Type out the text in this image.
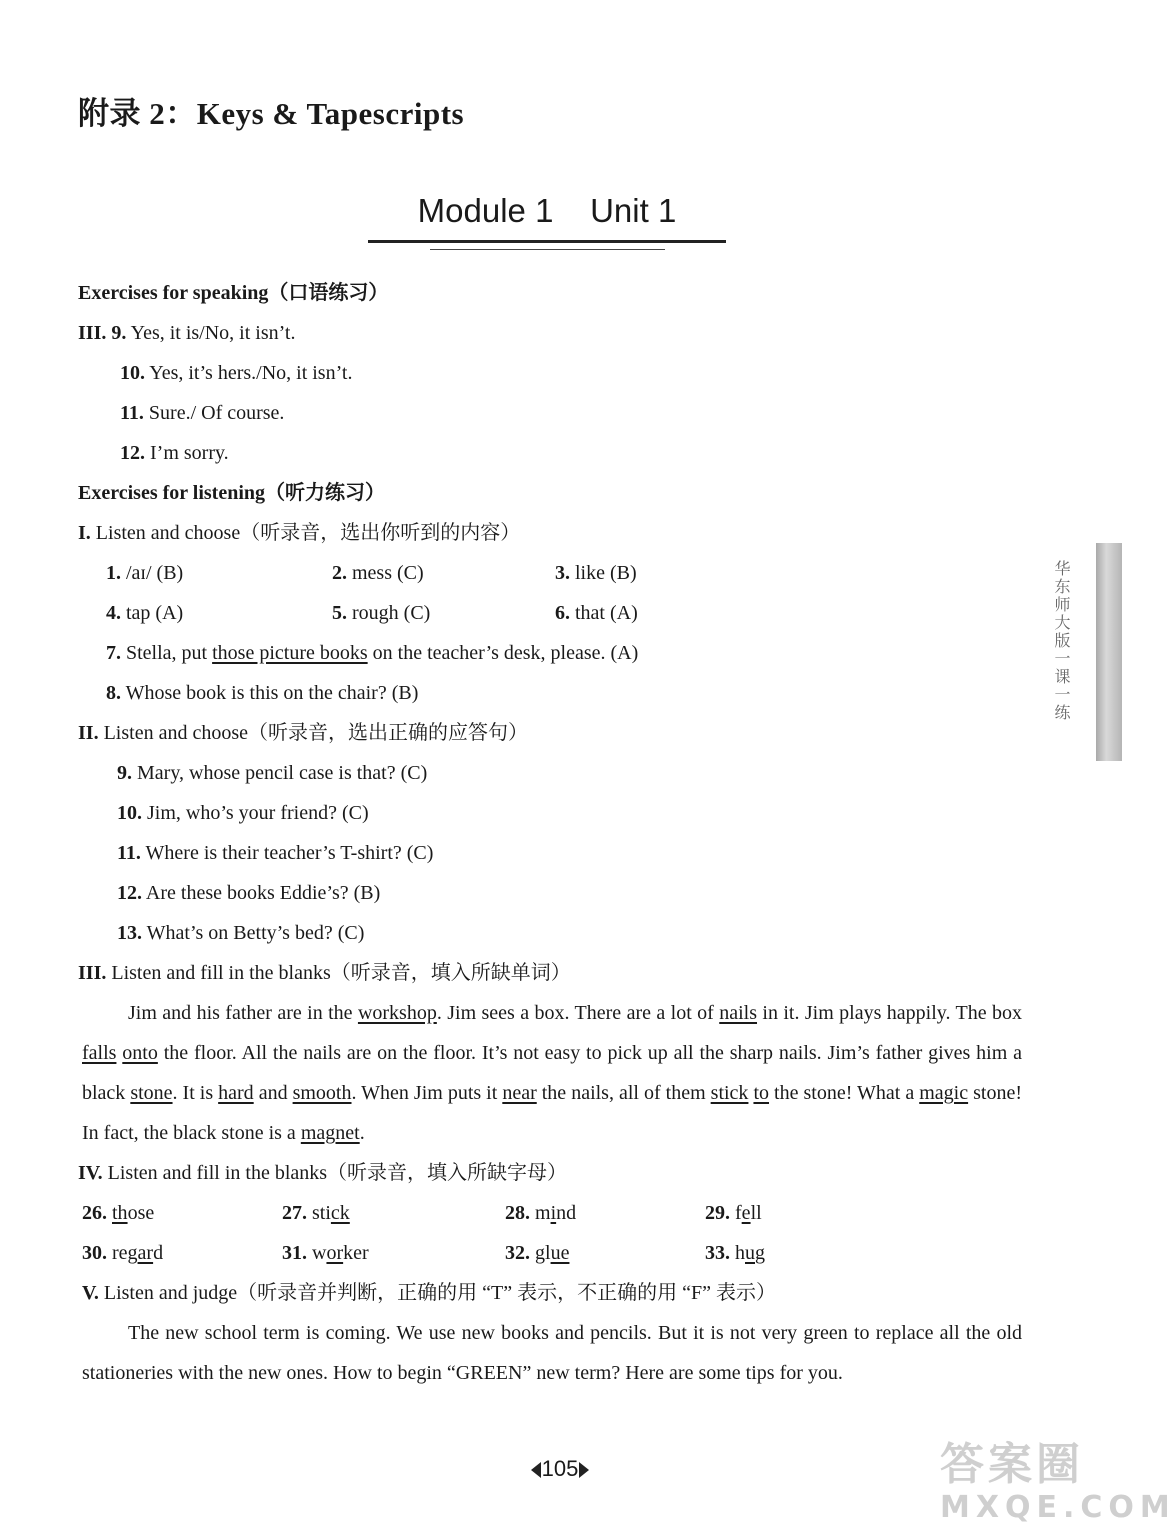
附录 2：Keys & Tapescripts
Module 1    Unit 1
Exercises for speaking（口语练习）
III. 9. Yes, it is/No, it isn’t.
10. Yes, it’s hers./No, it isn’t.
11. Sure./ Of course.
12. I’m sorry.
Exercises for listening（听力练习）
I. Listen and choose（听录音，选出你听到的内容）
1. /aɪ/ (B)	2. mess (C)	3. like (B)
4. tap (A)	5. rough (C)	6. that (A)
7. Stella, put those picture books on the teacher’s desk, please. (A)
8. Whose book is this on the chair? (B)
II. Listen and choose（听录音，选出正确的应答句）
9. Mary, whose pencil case is that? (C)
10. Jim, who’s your friend? (C)
11. Where is their teacher’s T-shirt? (C)
12. Are these books Eddie’s? (B)
13. What’s on Betty’s bed? (C)
III. Listen and fill in the blanks（听录音，填入所缺单词）
Jim and his father are in the workshop. Jim sees a box. There are a lot of nails in it. Jim plays happily. The box falls onto the floor. All the nails are on the floor. It’s not easy to pick up all the sharp nails. Jim’s father gives him a black stone. It is hard and smooth. When Jim puts it near the nails, all of them stick to the stone! What a magic stone! In fact, the black stone is a magnet.
IV. Listen and fill in the blanks（听录音，填入所缺字母）
26. those	27. stick	28. mind	29. fell
30. regard	31. worker	32. glue	33. hug
V. Listen and judge（听录音并判断，正确的用 “T” 表示，不正确的用 “F” 表示）
The new school term is coming. We use new books and pencils. But it is not very green to replace all the old stationeries with the new ones. How to begin “GREEN” new term? Here are some tips for you.
华东师大版一课一练
105	答案圈
MXQE.COM
